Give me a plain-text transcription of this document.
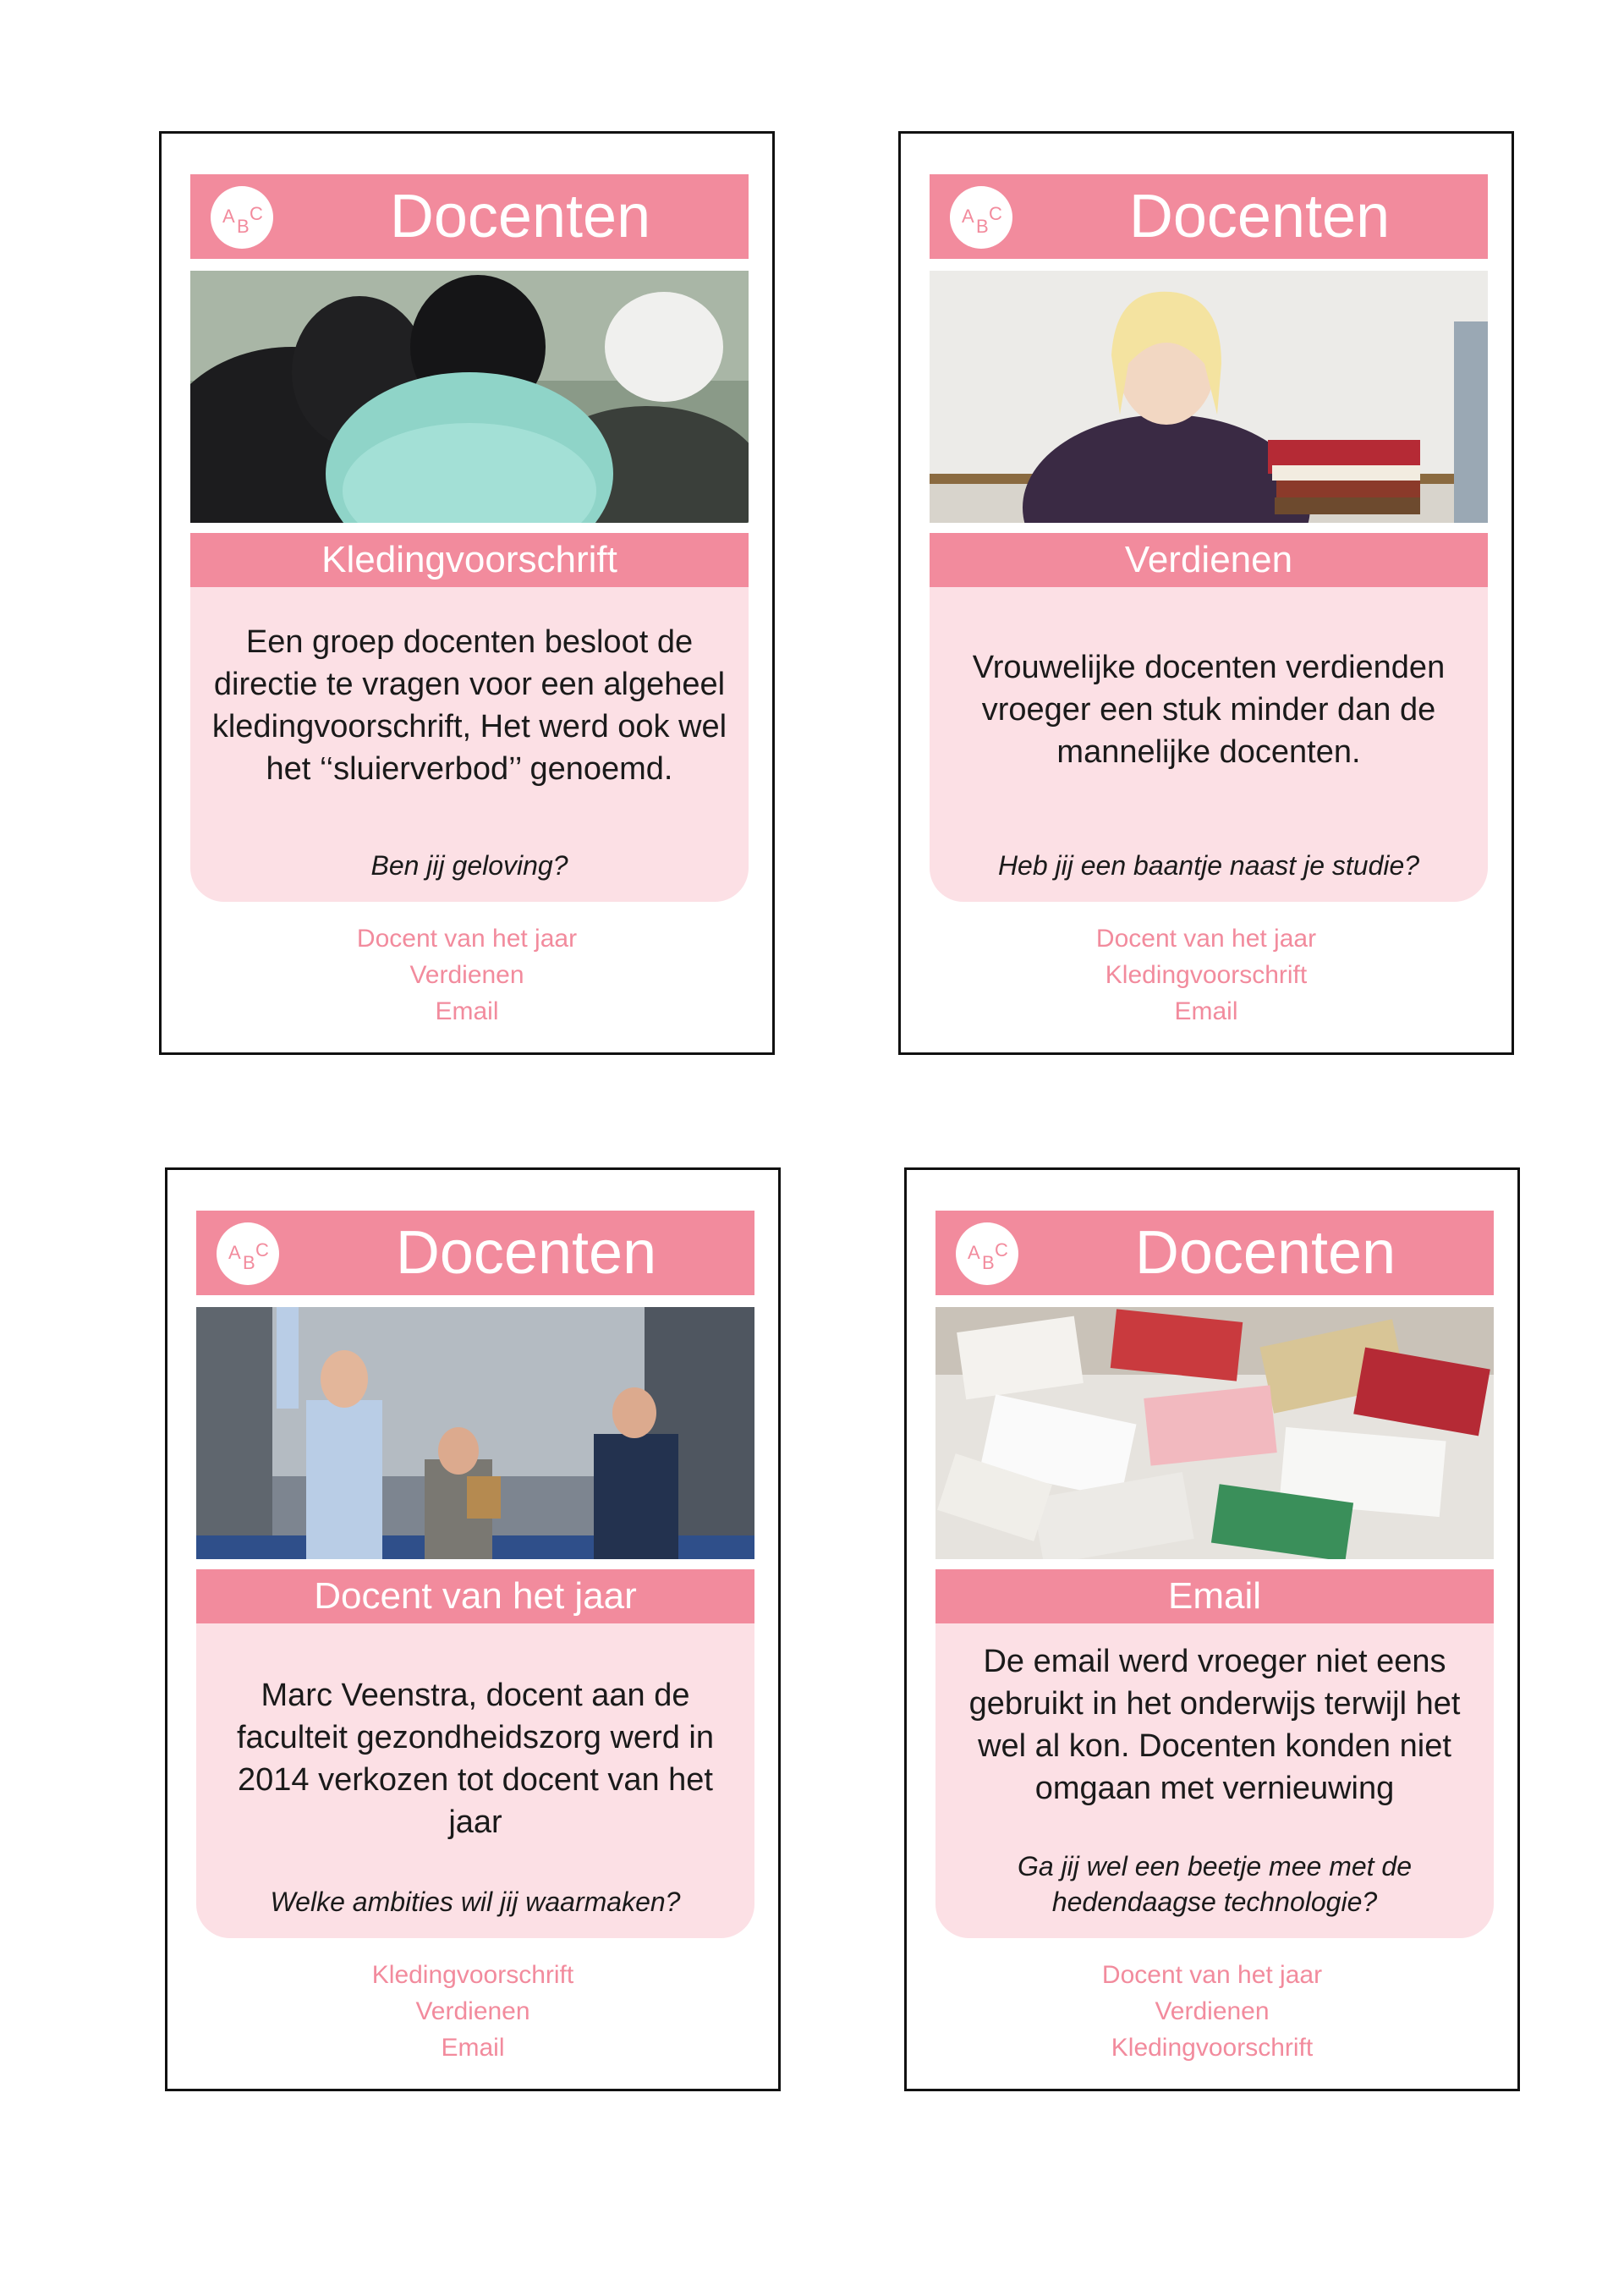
A B
C	Docenten
Kledingvoorschrift
Een groep docenten besloot de directie te vragen voor een algeheel kledingvoorschrift, Het werd ook wel het ‘‘sluierverbod’’ genoemd.
Ben jij geloving?
Docent van het jaar
Verdienen
Email
A B
C	Docenten
Verdienen
Vrouwelijke docenten verdienden vroeger een stuk minder dan de mannelijke docenten.
Heb jij een baantje naast je studie?
Docent van het jaar
Kledingvoorschrift
Email
A B
C	Docenten
Docent van het jaar
Marc Veenstra, docent aan de faculteit gezondheidszorg werd in 2014 verkozen tot docent van het jaar
Welke ambities wil jij waarmaken?
Kledingvoorschrift
Verdienen
Email
A B
C	Docenten
Email
De email werd vroeger niet eens gebruikt in het onderwijs terwijl het wel al kon. Docenten konden niet omgaan met vernieuwing
Ga jij wel een beetje mee met de hedendaagse technologie?
Docent van het jaar
Verdienen
Kledingvoorschrift
